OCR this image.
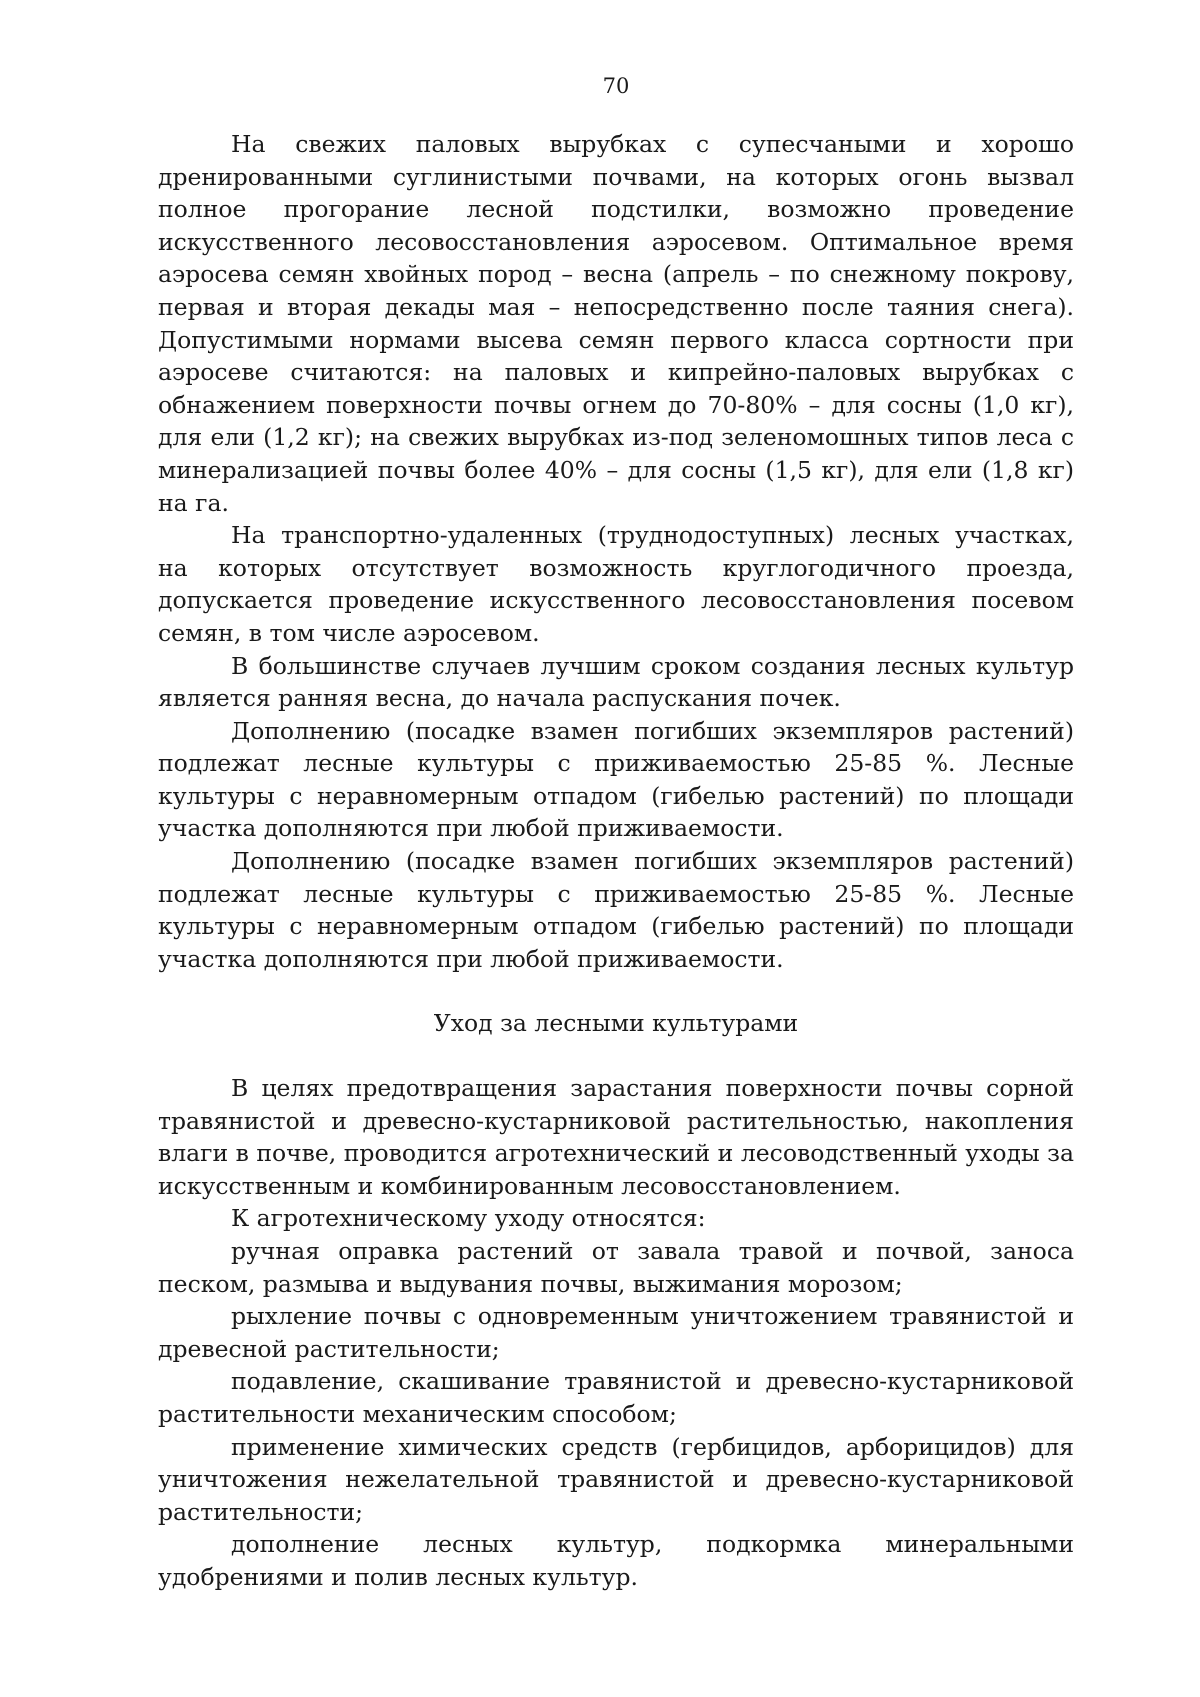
70

На свежих паловых вырубках с супесчаными и хорошо дренированными суглинистыми почвами, на которых огонь вызвал полное прогорание лесной подстилки, возможно проведение искусственного лесовосстановления аэросевом. Оптимальное время аэросева семян хвойных пород – весна (апрель – по снежному покрову, первая и вторая декады мая – непосредственно после таяния снега). Допустимыми нормами высева семян первого класса сортности при аэросеве считаются: на паловых и кипрейно-паловых вырубках с обнажением поверхности почвы огнем до 70-80% – для сосны (1,0 кг), для ели (1,2 кг); на свежих вырубках из-под зеленомошных типов леса с минерализацией почвы более 40% – для сосны (1,5 кг), для ели (1,8 кг) на га.

На транспортно-удаленных (труднодоступных) лесных участках, на которых отсутствует возможность круглогодичного проезда, допускается проведение искусственного лесовосстановления посевом семян, в том числе аэросевом.

В большинстве случаев лучшим сроком создания лесных культур является ранняя весна, до начала распускания почек.

Дополнению (посадке взамен погибших экземпляров растений) подлежат лесные культуры с приживаемостью 25-85 %. Лесные культуры с неравномерным отпадом (гибелью растений) по площади участка дополняются при любой приживаемости.

Дополнению (посадке взамен погибших экземпляров растений) подлежат лесные культуры с приживаемостью 25-85 %. Лесные культуры с неравномерным отпадом (гибелью растений) по площади участка дополняются при любой приживаемости.

Уход за лесными культурами

В целях предотвращения зарастания поверхности почвы сорной травянистой и древесно-кустарниковой растительностью, накопления влаги в почве, проводится агротехнический и лесоводственный уходы за искусственным и комбинированным лесовосстановлением.

К агротехническому уходу относятся:

ручная оправка растений от завала травой и почвой, заноса песком, размыва и выдувания почвы, выжимания морозом;

рыхление почвы с одновременным уничтожением травянистой и древесной растительности;

подавление, скашивание травянистой и древесно-кустарниковой растительности механическим способом;

применение химических средств (гербицидов, арборицидов) для уничтожения нежелательной травянистой и древесно-кустарниковой растительности;

дополнение лесных культур, подкормка минеральными удобрениями и полив лесных культур.
